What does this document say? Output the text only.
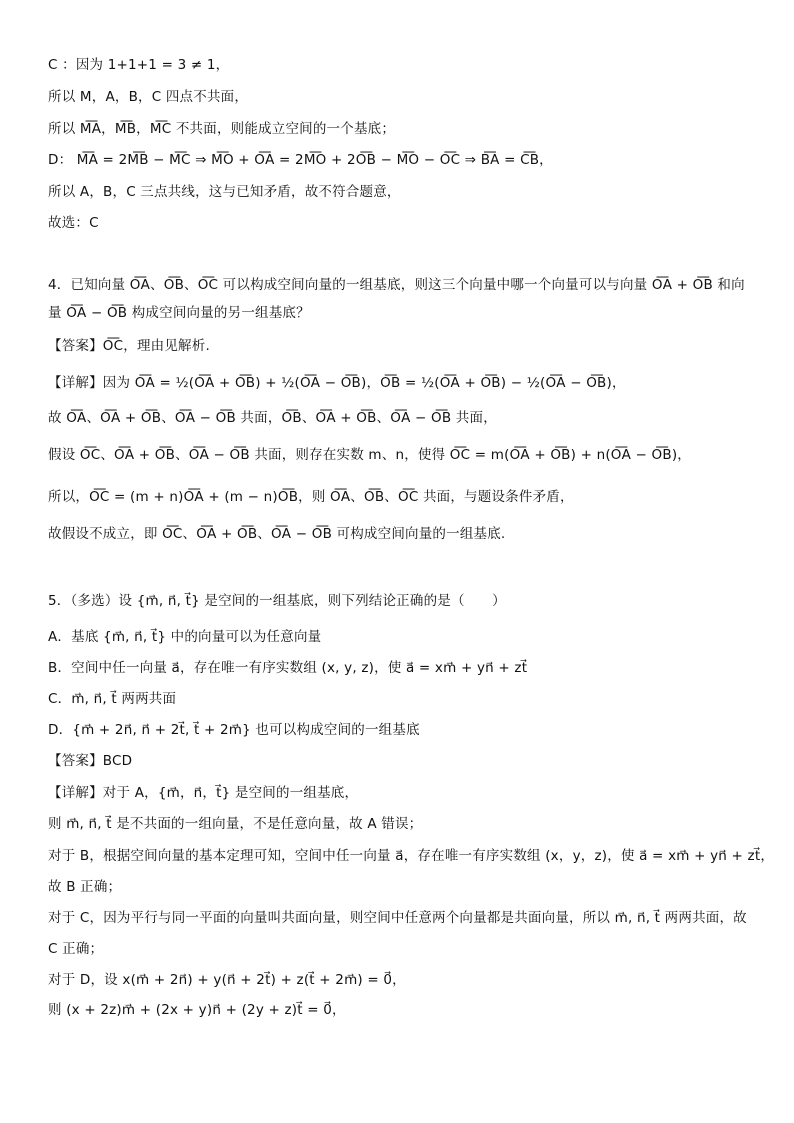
C ：因为 1+1+1 = 3 ≠ 1，
所以 M，A，B，C 四点不共面，
所以 M͞A，M͞B，M͞C 不共面，则能成立空间的一个基底；
D： M͞A = 2M͞B − M͞C ⇒ M͞O + O͞A = 2M͞O + 2O͞B − M͞O − O͞C ⇒ B͞A = C͞B，
所以 A，B，C 三点共线，这与已知矛盾，故不符合题意，
故选：C
4．已知向量 O͞A、O͞B、O͞C 可以构成空间向量的一组基底，则这三个向量中哪一个向量可以与向量 O͞A + O͞B 和向
量 O͞A − O͞B 构成空间向量的另一组基底？
【答案】O͞C，理由见解析.
【详解】因为 O͞A = ½(O͞A + O͞B) + ½(O͞A − O͞B)，O͞B = ½(O͞A + O͞B) − ½(O͞A − O͞B)，
故 O͞A、O͞A + O͞B、O͞A − O͞B 共面，O͞B、O͞A + O͞B、O͞A − O͞B 共面，
假设 O͞C、O͞A + O͞B、O͞A − O͞B 共面，则存在实数 m、n，使得 O͞C = m(O͞A + O͞B) + n(O͞A − O͞B)，
所以，O͞C = (m + n)O͞A + (m − n)O͞B，则 O͞A、O͞B、O͞C 共面，与题设条件矛盾，
故假设不成立，即 O͞C、O͞A + O͞B、O͞A − O͞B 可构成空间向量的一组基底.
5．（多选）设 {m⃗, n⃗, t⃗} 是空间的一组基底，则下列结论正确的是（　　）
A．基底 {m⃗, n⃗, t⃗} 中的向量可以为任意向量
B．空间中任一向量 a⃗，存在唯一有序实数组 (x, y, z)，使 a⃗ = xm⃗ + yn⃗ + zt⃗
C．m⃗, n⃗, t⃗ 两两共面
D．{m⃗ + 2n⃗, n⃗ + 2t⃗, t⃗ + 2m⃗} 也可以构成空间的一组基底
【答案】BCD
【详解】对于 A，{m⃗，n⃗，t⃗} 是空间的一组基底，
则 m⃗, n⃗, t⃗ 是不共面的一组向量，不是任意向量，故 A 错误；
对于 B，根据空间向量的基本定理可知，空间中任一向量 a⃗，存在唯一有序实数组 (x，y，z)，使 a⃗ = xm⃗ + yn⃗ + zt⃗，
故 B 正确；
对于 C，因为平行与同一平面的向量叫共面向量，则空间中任意两个向量都是共面向量，所以 m⃗, n⃗, t⃗ 两两共面，故
C 正确；
对于 D，设 x(m⃗ + 2n⃗) + y(n⃗ + 2t⃗) + z(t⃗ + 2m⃗) = 0⃗，
则 (x + 2z)m⃗ + (2x + y)n⃗ + (2y + z)t⃗ = 0⃗，
